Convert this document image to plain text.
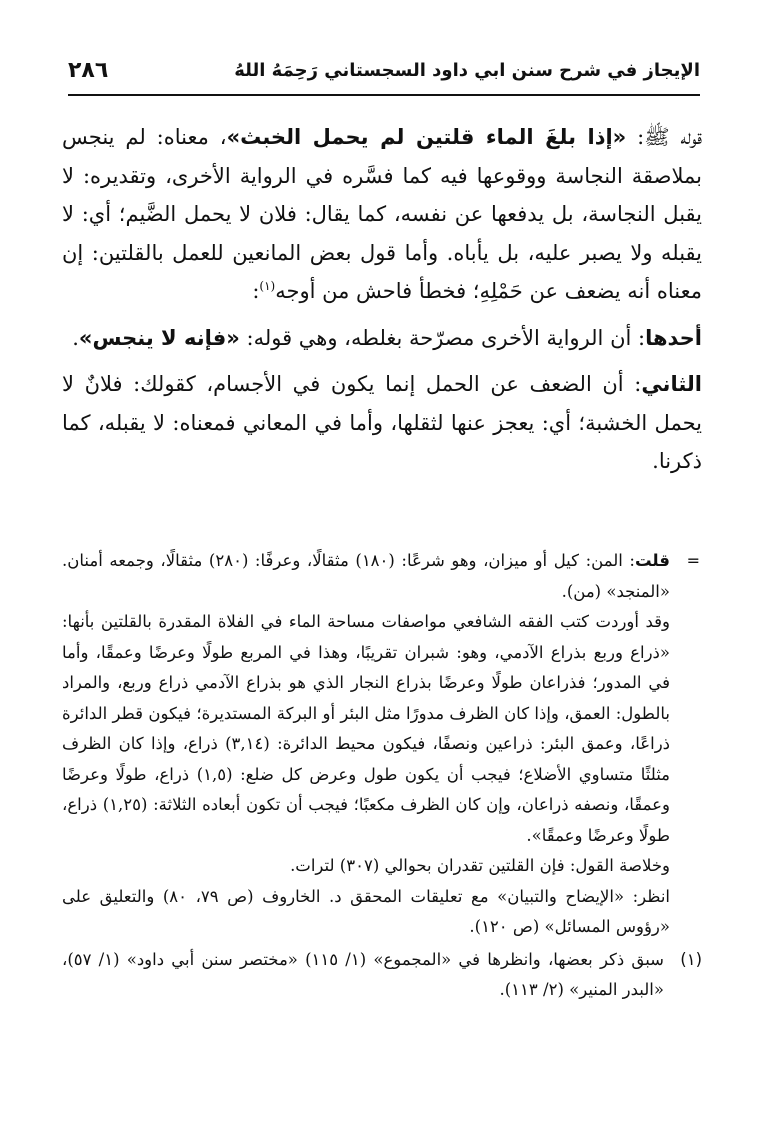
٢٨٦	الإيجاز في شرح سنن ابي داود السجستاني رَحِمَهُ اللهُ

قوله ﷺ: «إذا بلغَ الماء قلتين لم يحمل الخبث»، معناه: لم ينجس بملاصقة النجاسة ووقوعها فيه كما فسَّره في الرواية الأخرى، وتقديره: لا يقبل النجاسة، بل يدفعها عن نفسه، كما يقال: فلان لا يحمل الضَّيم؛ أي: لا يقبله ولا يصبر عليه، بل يأباه. وأما قول بعض المانعين للعمل بالقلتين: إن معناه أنه يضعف عن حَمْلِهِ؛ فخطأ فاحش من أوجه$^{(١)}$:

أحدها: أن الرواية الأخرى مصرّحة بغلطه، وهي قوله: «فإنه لا ينجس».

الثاني: أن الضعف عن الحمل إنما يكون في الأجسام، كقولك: فلانٌ لا يحمل الخشبة؛ أي: يعجز عنها لثقلها، وأما في المعاني فمعناه: لا يقبله، كما ذكرنا.

=

قلت: المن: كيل أو ميزان، وهو شرعًا: (١٨٠) مثقالًا، وعرفًا: (٢٨٠) مثقالًا، وجمعه أمنان. «المنجد» (من).

وقد أوردت كتب الفقه الشافعي مواصفات مساحة الماء في الفلاة المقدرة بالقلتين بأنها: «ذراع وربع بذراع الآدمي، وهو: شبران تقريبًا، وهذا في المربع طولًا وعرضًا وعمقًا، وأما في المدور؛ فذراعان طولًا وعرضًا بذراع النجار الذي هو بذراع الآدمي ذراع وربع، والمراد بالطول: العمق، وإذا كان الظرف مدورًا مثل البئر أو البركة المستديرة؛ فيكون قطر الدائرة ذراعًا، وعمق البئر: ذراعين ونصفًا، فيكون محيط الدائرة: (٣,١٤) ذراع، وإذا كان الظرف مثلثًا متساوي الأضلاع؛ فيجب أن يكون طول وعرض كل ضلع: (١,٥) ذراع، طولًا وعرضًا وعمقًا، ونصفه ذراعان، وإن كان الظرف مكعبًا؛ فيجب أن تكون أبعاده الثلاثة: (١,٢٥) ذراع، طولًا وعرضًا وعمقًا».

وخلاصة القول: فإن القلتين تقدران بحوالي (٣٠٧) لترات.

انظر: «الإيضاح والتبيان» مع تعليقات المحقق د. الخاروف (ص ٧٩، ٨٠) والتعليق على «رؤوس المسائل» (ص ١٢٠).

(١)

سبق ذكر بعضها، وانظرها في «المجموع» (١/ ١١٥) «مختصر سنن أبي داود» (١/ ٥٧)، «البدر المنير» (٢/ ١١٣).
